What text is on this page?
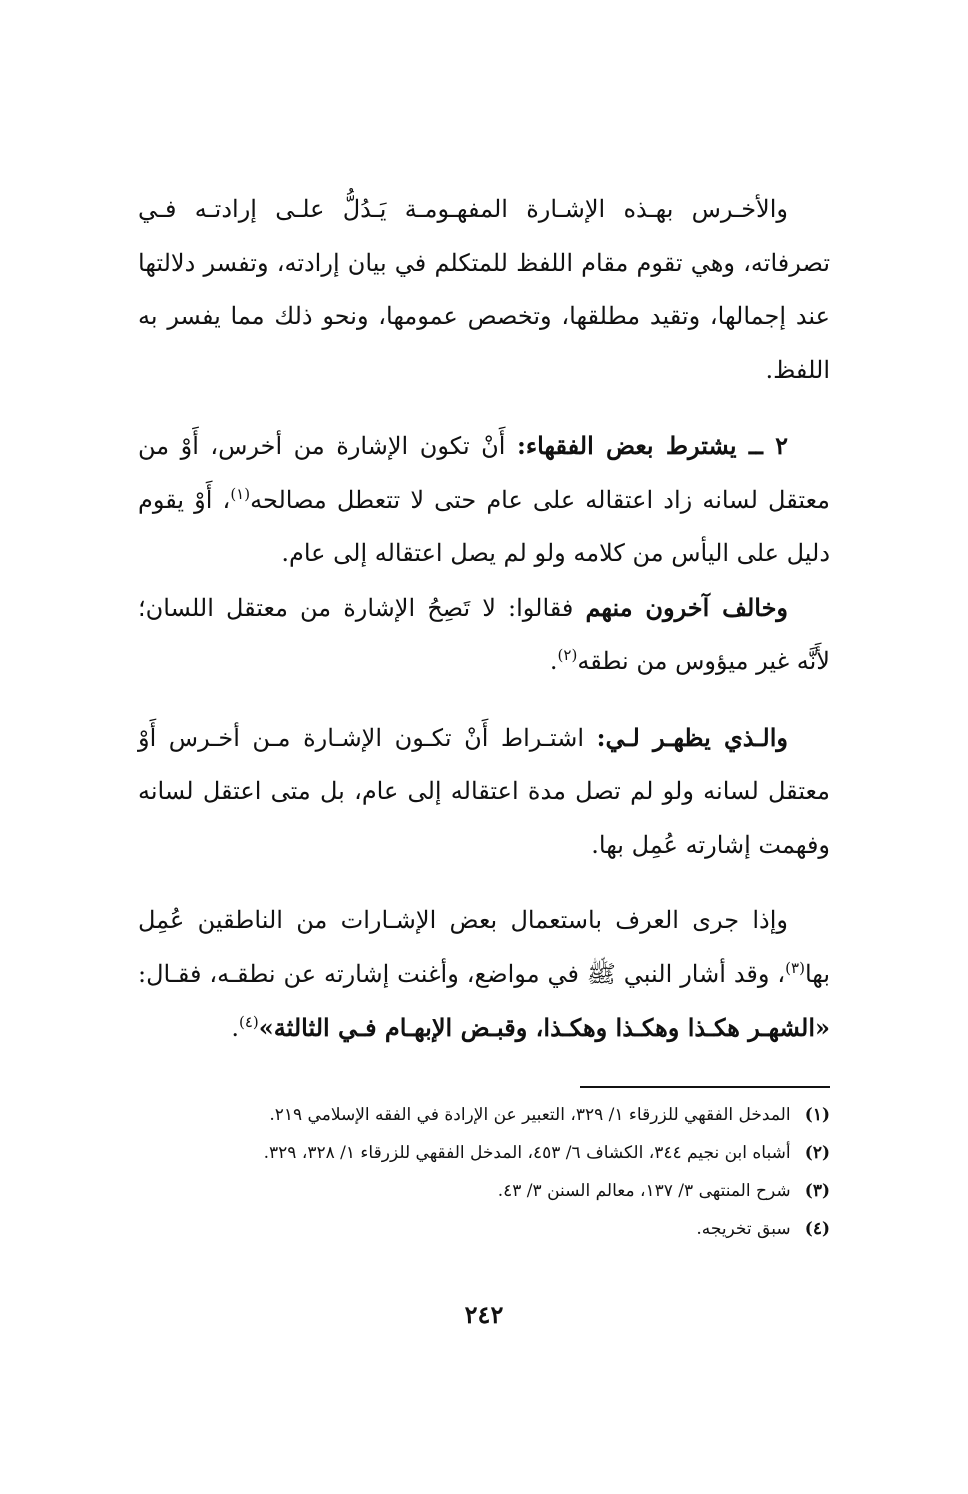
والأخـرس بهـذه الإشـارة المفهـومـة يَـدُلُّ علـى إرادتـه فـي تصرفاته، وهي تقوم مقام اللفظ للمتكلم في بيان إرادته، وتفسر دلالتها عند إجمالها، وتقيد مطلقها، وتخصص عمومها، ونحو ذلك مما يفسر به اللفظ.

٢ ــ يشترط بعض الفقهاء: أَنْ تكون الإشارة من أخرس، أَوْ من معتقل لسانه زاد اعتقاله على عام حتى لا تتعطل مصالحه$^{(١)}$، أَوْ يقوم دليل على اليأس من كلامه ولو لم يصل اعتقاله إلى عام.

وخالف آخرون منهم فقالوا: لا تَصِحُ الإشارة من معتقل اللسان؛ لأَنَّه غير ميؤوس من نطقه$^{(٢)}$.

والـذي يظهـر لـي: اشتـراط أَنْ تكـون الإشـارة مـن أخـرس أَوْ معتقل لسانه ولو لم تصل مدة اعتقاله إلى عام، بل متى اعتقل لسانه وفهمت إشارته عُمِل بها.

وإذا جرى العرف باستعمال بعض الإشـارات من الناطقين عُمِل بها$^{(٣)}$، وقد أشار النبي ﷺ في مواضع، وأغنت إشارته عن نطقـه، فقـال: «الشهـر هكـذا وهكـذا وهكـذا، وقبـض الإبهـام فـي الثالثة»$^{(٤)}$.

(١) المدخل الفقهي للزرقاء ١/ ٣٢٩، التعبير عن الإرادة في الفقه الإسلامي ٢١٩.
(٢) أشباه ابن نجيم ٣٤٤، الكشاف ٦/ ٤٥٣، المدخل الفقهي للزرقاء ١/ ٣٢٨، ٣٢٩.
(٣) شرح المنتهى ٣/ ١٣٧، معالم السنن ٣/ ٤٣.
(٤) سبق تخريجه.
٢٤٢
